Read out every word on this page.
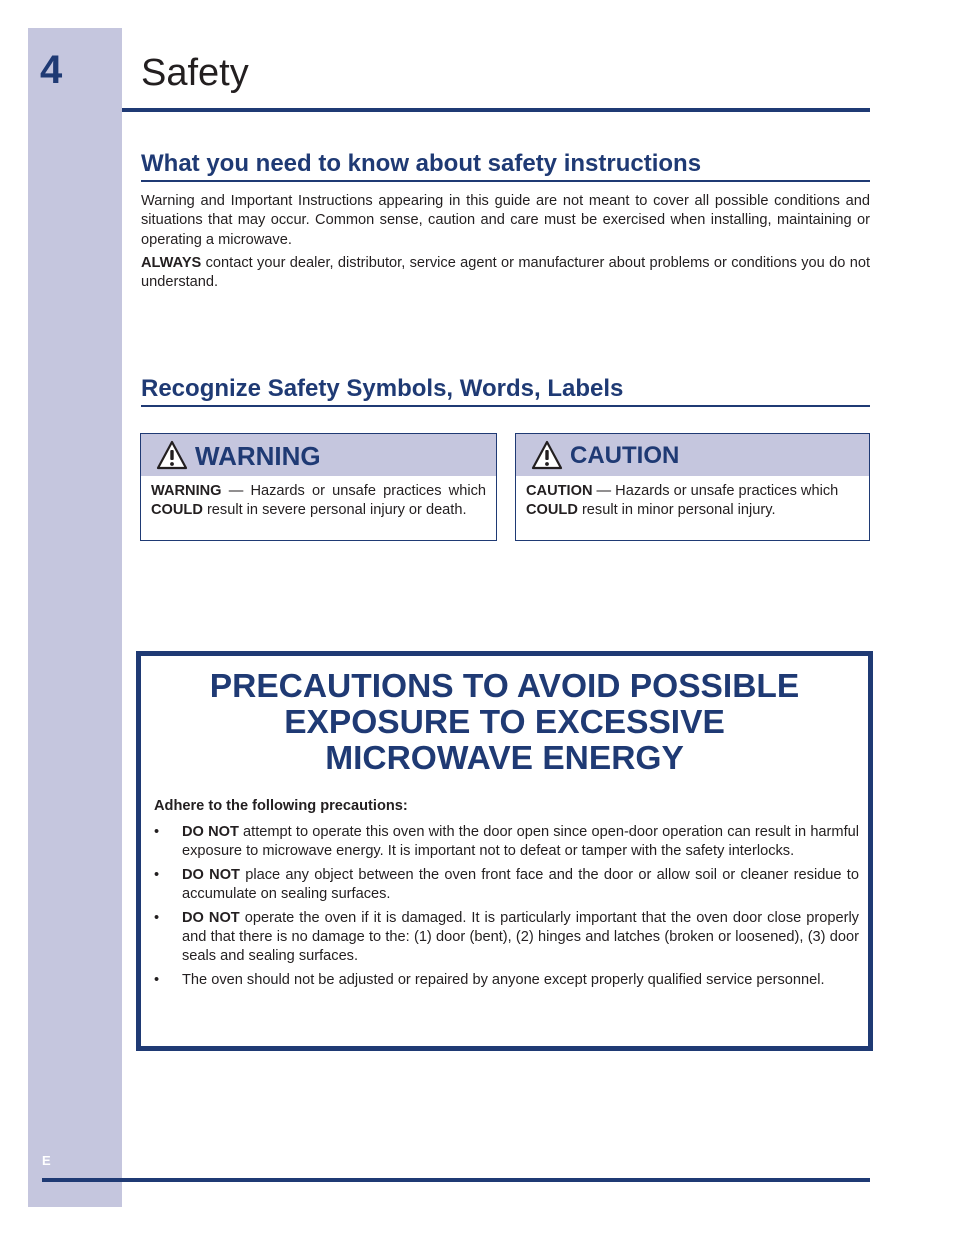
4 Safety
What you need to know about safety instructions

Warning and Important Instructions appearing in this guide are not meant to cover all possible conditions and situations that may occur. Common sense, caution and care must be exercised when installing, maintaining or operating a microwave.

ALWAYS contact your dealer, distributor, service agent or manufacturer about problems or conditions you do not understand.

Recognize Safety Symbols, Words, Labels
WARNING
WARNING — Hazards or unsafe practices which COULD result in severe personal injury or death.
CAUTION
CAUTION — Hazards or unsafe practices which COULD result in minor personal injury.
PRECAUTIONS TO AVOID POSSIBLE
EXPOSURE TO EXCESSIVE
MICROWAVE ENERGY
Adhere to the following precautions:
• DO NOT attempt to operate this oven with the door open since open-door operation can result in harmful exposure to microwave energy. It is important not to defeat or tamper with the safety interlocks.
• DO NOT place any object between the oven front face and the door or allow soil or cleaner residue to accumulate on sealing surfaces.
• DO NOT operate the oven if it is damaged. It is particularly important that the oven door close properly and that there is no damage to the: (1) door (bent), (2) hinges and latches (broken or loosened), (3) door seals and sealing surfaces.
• The oven should not be adjusted or repaired by anyone except properly qualified service personnel.
E
